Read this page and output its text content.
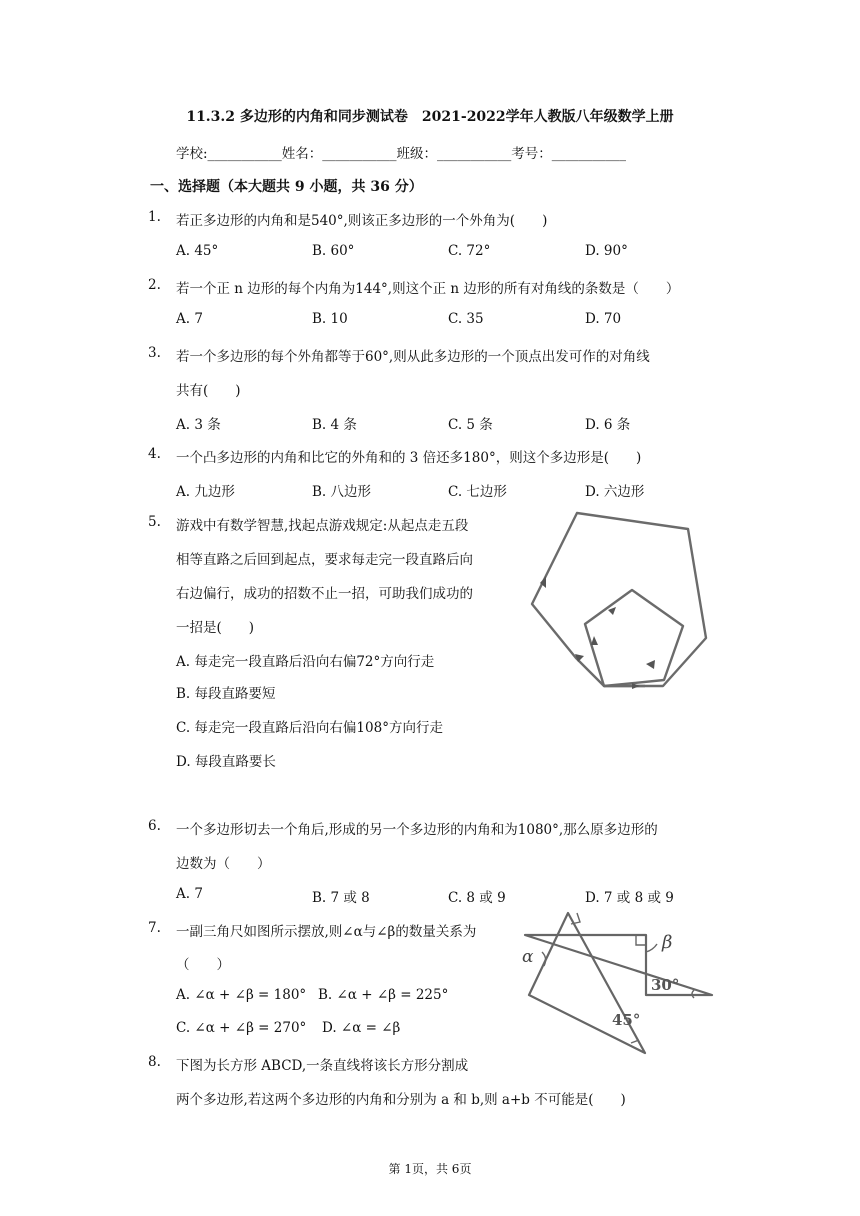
11.3.2 多边形的内角和同步测试卷　2021-2022学年人教版八年级数学上册
学校:___________姓名：___________班级：___________考号：___________
一、选择题（本大题共 9 小题，共 36 分）
1. 若正多边形的内角和是540°,则该正多边形的一个外角为(　　)
A. 45°	B. 60°	C. 72°	D. 90°
2. 若一个正 n 边形的每个内角为144°,则这个正 n 边形的所有对角线的条数是（　　）
A. 7	B. 10	C. 35	D. 70
3. 若一个多边形的每个外角都等于60°,则从此多边形的一个顶点出发可作的对角线
共有(　　)
A. 3 条	B. 4 条	C. 5 条	D. 6 条
4. 一个凸多边形的内角和比它的外角和的 3 倍还多180°，则这个多边形是(　　)
A. 九边形	B. 八边形	C. 七边形	D. 六边形
5. 游戏中有数学智慧,找起点游戏规定:从起点走五段
相等直路之后回到起点，要求每走完一段直路后向
右边偏行，成功的招数不止一招，可助我们成功的
一招是(　　)
A. 每走完一段直路后沿向右偏72°方向行走
B. 每段直路要短
C. 每走完一段直路后沿向右偏108°方向行走
D. 每段直路要长
6. 一个多边形切去一个角后,形成的另一个多边形的内角和为1080°,那么原多边形的
边数为（　　）
A. 7	B. 7 或 8	C. 8 或 9	D. 7 或 8 或 9
7. 一副三角尺如图所示摆放,则∠α与∠β的数量关系为
（　　）
A. ∠α + ∠β = 180° B. ∠α + ∠β = 225°
C. ∠α + ∠β = 270° D. ∠α = ∠β
α
β
30°
45°
8. 下图为长方形 ABCD,一条直线将该长方形分割成
两个多边形,若这两个多边形的内角和分别为 a 和 b,则 a+b 不可能是(　　)
第 1页，共 6页
